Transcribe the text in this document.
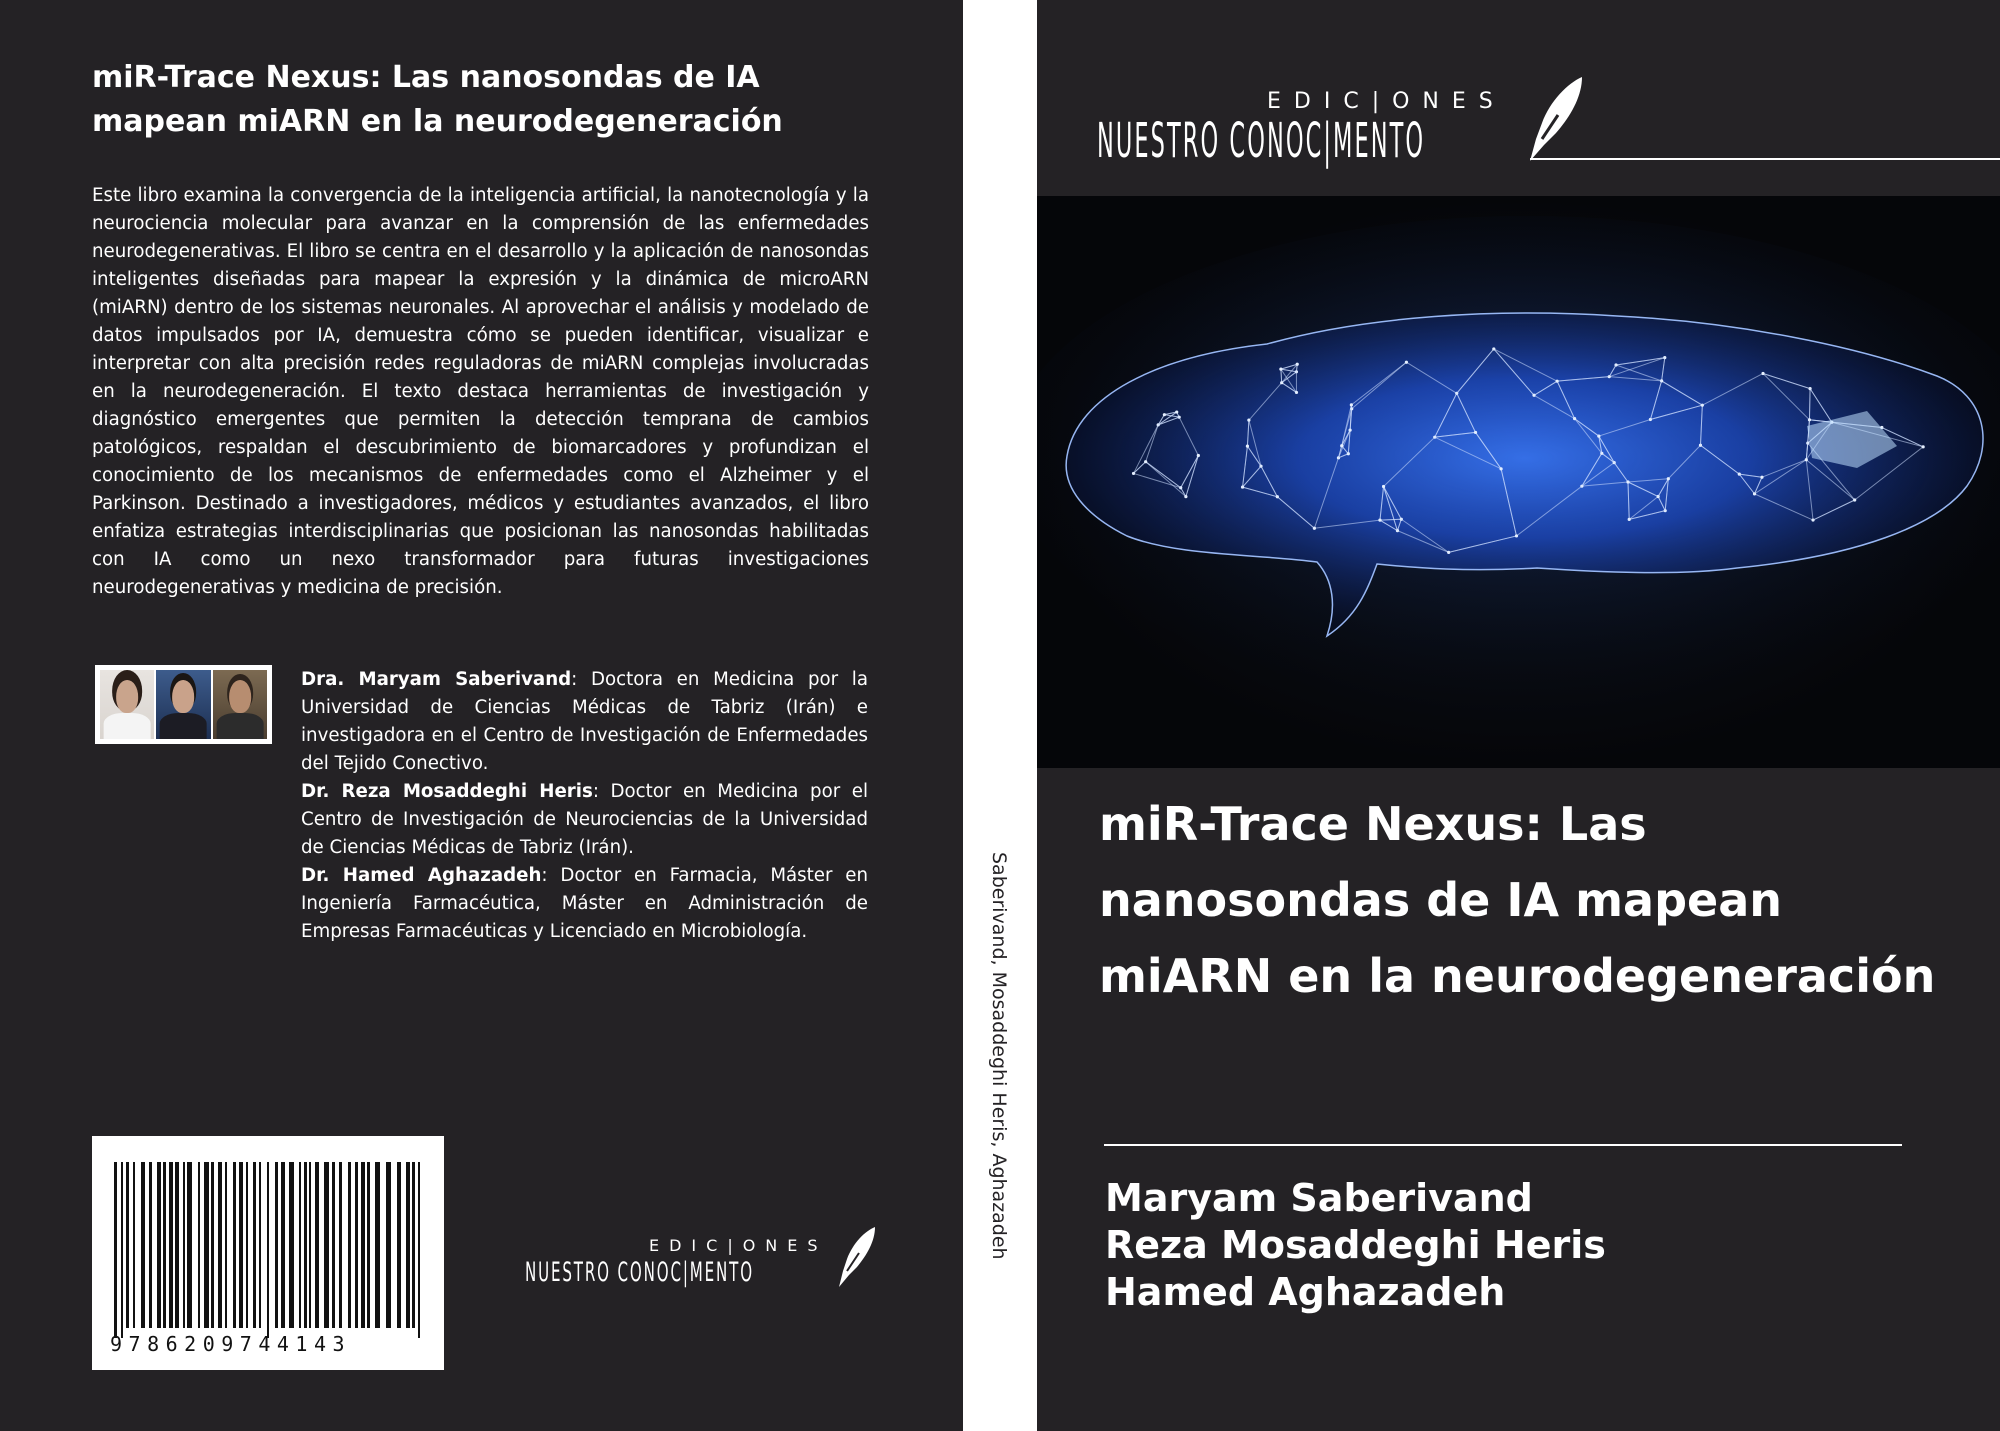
miR-Trace Nexus: Las nanosondas de IA mapean miARN en la neurodegeneración

Este libro examina la convergencia de la inteligencia artificial, la nanotecnología y la neurociencia molecular para avanzar en la comprensión de las enfermedades neurodegenerativas. El libro se centra en el desarrollo y la aplicación de nanosondas inteligentes diseñadas para mapear la expresión y la dinámica de microARN (miARN) dentro de los sistemas neuronales. Al aprovechar el análisis y modelado de datos impulsados por IA, demuestra cómo se pueden identificar, visualizar e interpretar con alta precisión redes reguladoras de miARN complejas involucradas en la neurodegeneración. El texto destaca herramientas de investigación y diagnóstico emergentes que permiten la detección temprana de cambios patológicos, respaldan el descubrimiento de biomarcadores y profundizan el conocimiento de los mecanismos de enfermedades como el Alzheimer y el Parkinson. Destinado a investigadores, médicos y estudiantes avanzados, el libro enfatiza estrategias interdisciplinarias que posicionan las nanosondas habilitadas con IA como un nexo transformador para futuras investigaciones neurodegenerativas y medicina de precisión.

Dra. Maryam Saberivand: Doctora en Medicina por la Universidad de Ciencias Médicas de Tabriz (Irán) e investigadora en el Centro de Investigación de Enfermedades del Tejido Conectivo.

Dr. Reza Mosaddeghi Heris: Doctor en Medicina por el Centro de Investigación de Neurociencias de la Universidad de Ciencias Médicas de Tabriz (Irán).

Dr. Hamed Aghazadeh: Doctor en Farmacia, Máster en Ingeniería Farmacéutica, Máster en Administración de Empresas Farmacéuticas y Licenciado en Microbiología.

9786209744143
EDIC|ONES
NUESTRO CONOC|MENTO
Saberivand, Mosaddeghi Heris, Aghazadeh
EDIC|ONES
NUESTRO CONOC|MENTO
miR-Trace Nexus: Las nanosondas de IA mapean miARN en la neurodegeneración
Maryam Saberivand
Reza Mosaddeghi Heris
Hamed Aghazadeh
